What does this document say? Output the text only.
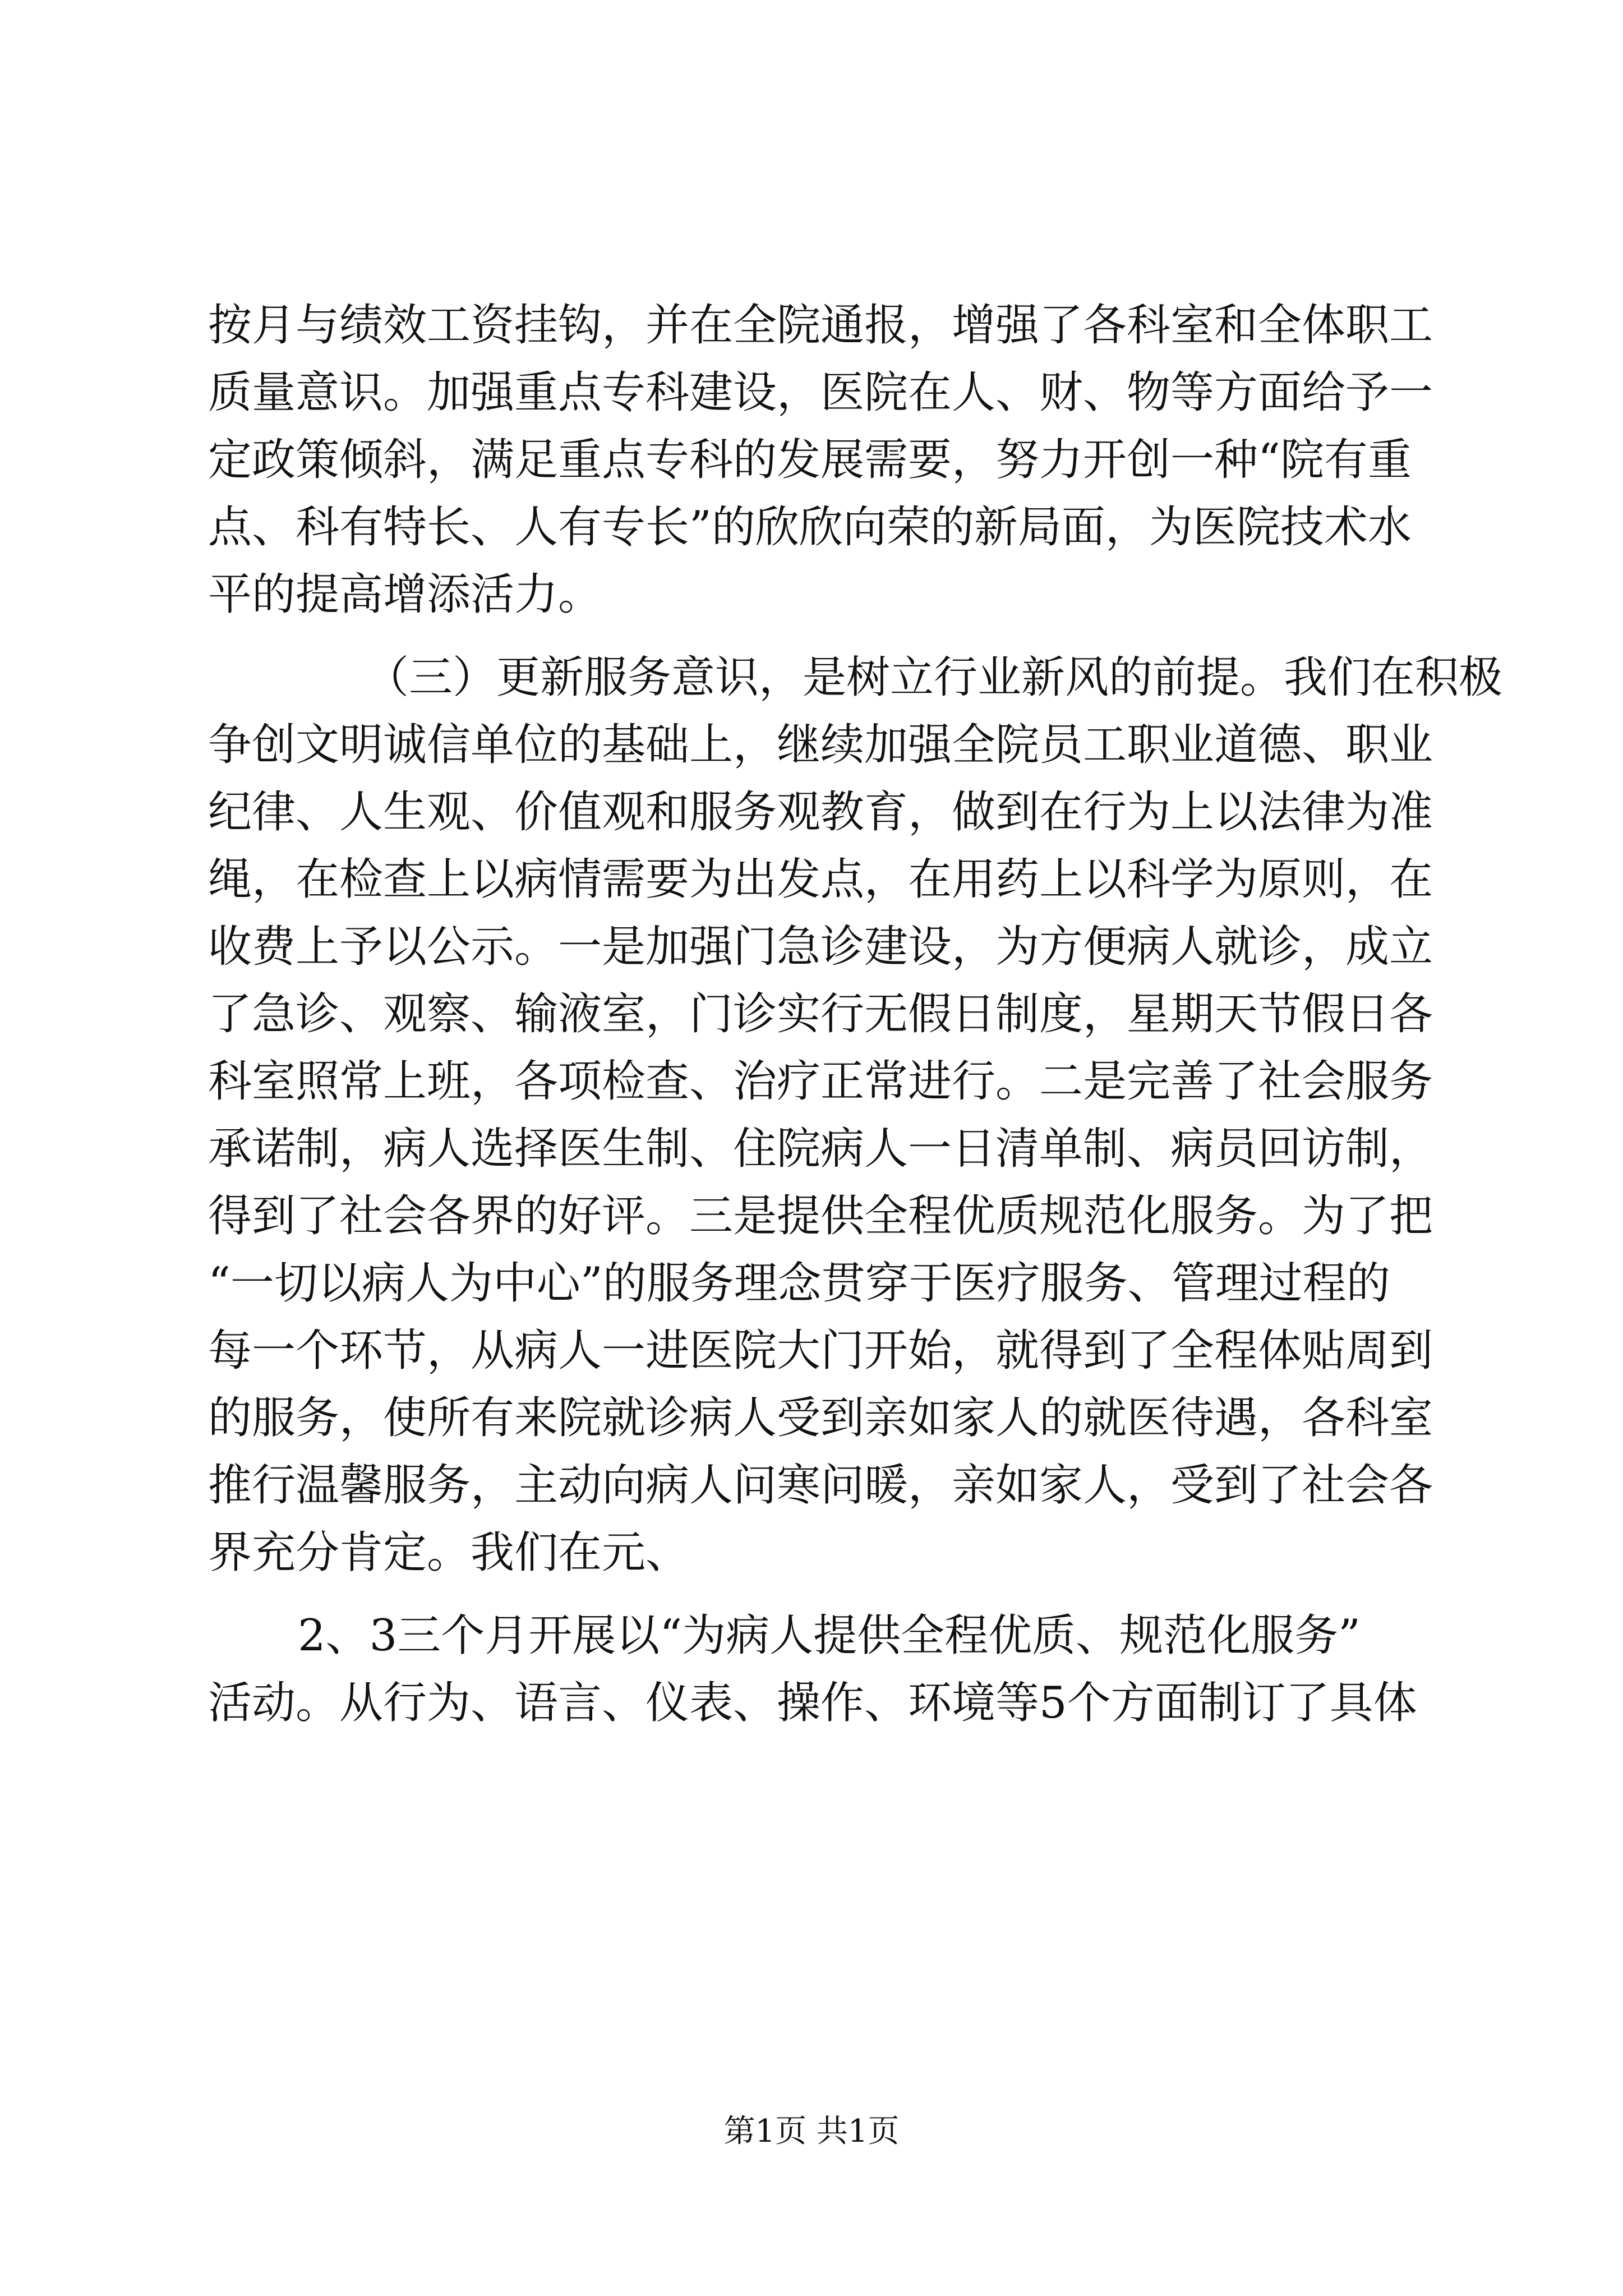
按月与绩效工资挂钩，并在全院通报，增强了各科室和全体职工
质量意识。加强重点专科建设，医院在人、财、物等方面给予一
定政策倾斜，满足重点专科的发展需要，努力开创一种“院有重
点、科有特长、人有专长”的欣欣向荣的新局面，为医院技术水
平的提高增添活力。
（三）更新服务意识，是树立行业新风的前提。我们在积极
争创文明诚信单位的基础上，继续加强全院员工职业道德、职业
纪律、人生观、价值观和服务观教育，做到在行为上以法律为准
绳，在检查上以病情需要为出发点，在用药上以科学为原则，在
收费上予以公示。一是加强门急诊建设，为方便病人就诊，成立
了急诊、观察、输液室，门诊实行无假日制度，星期天节假日各
科室照常上班，各项检查、治疗正常进行。二是完善了社会服务
承诺制，病人选择医生制、住院病人一日清单制、病员回访制，
得到了社会各界的好评。三是提供全程优质规范化服务。为了把
“一切以病人为中心”的服务理念贯穿于医疗服务、管理过程的
每一个环节，从病人一进医院大门开始，就得到了全程体贴周到
的服务，使所有来院就诊病人受到亲如家人的就医待遇，各科室
推行温馨服务，主动向病人问寒问暖，亲如家人，受到了社会各
界充分肯定。我们在元、
2、3三个月开展以“为病人提供全程优质、规范化服务”
活动。从行为、语言、仪表、操作、环境等5个方面制订了具体
第1页 共1页
